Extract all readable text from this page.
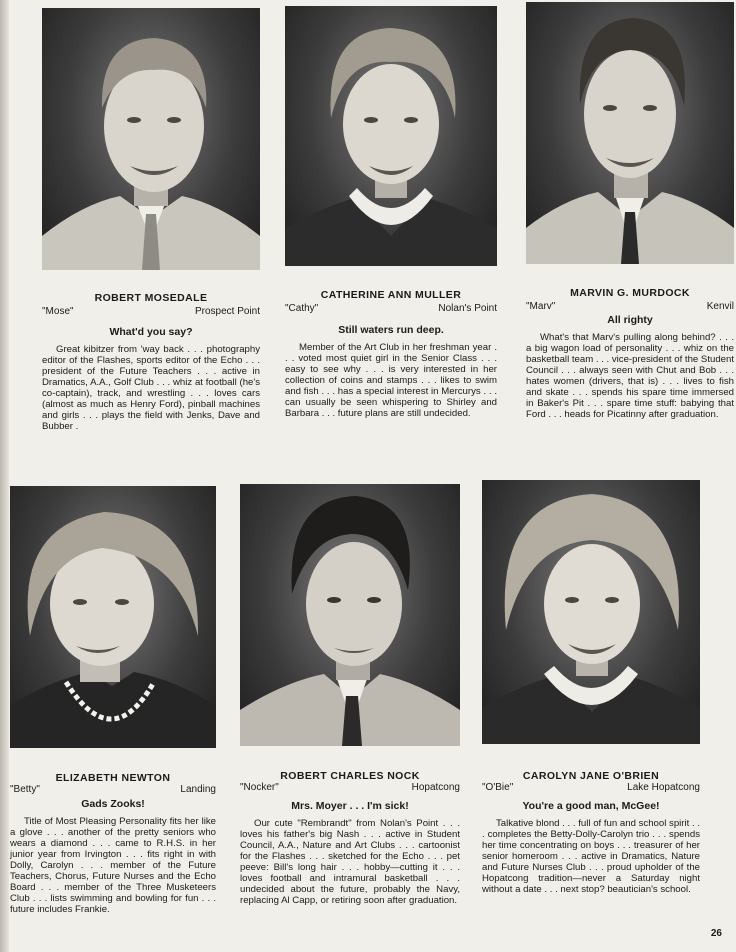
ROBERT MOSEDALE
"Mose"	Prospect Point
What'd you say?

Great kibitzer from 'way back . . . photography editor of the Flashes, sports editor of the Echo . . . president of the Future Teachers . . . active in Dramatics, A.A., Golf Club . . . whiz at football (he's co-captain), track, and wrestling . . . loves cars (almost as much as Henry Ford), pinball machines and girls . . . plays the field with Jenks, Dave and Bubber .

CATHERINE ANN MULLER
"Cathy"	Nolan's Point
Still waters run deep.

Member of the Art Club in her freshman year . . . voted most quiet girl in the Senior Class . . . easy to see why . . . is very interested in her collection of coins and stamps . . . likes to swim and fish . . . has a special interest in Mercurys . . . can usually be seen whispering to Shirley and Barbara . . . future plans are still undecided.

MARVIN G. MURDOCK
"Marv"	Kenvil
All righty

What's that Marv's pulling along behind? . . . a big wagon load of personality . . . whiz on the basketball team . . . vice-president of the Student Council . . . always seen with Chut and Bob . . . hates women (drivers, that is) . . . lives to fish and skate . . . spends his spare time immersed in Baker's Pit . . . spare time stuff: babying that Ford . . . heads for Picatinny after graduation.

ELIZABETH NEWTON
"Betty"	Landing
Gads Zooks!

Title of Most Pleasing Personality fits her like a glove . . . another of the pretty seniors who wears a diamond . . . came to R.H.S. in her junior year from Irvington . . . fits right in with Dolly, Carolyn . . . member of the Future Teachers, Chorus, Future Nurses and the Echo Board . . . member of the Three Musketeers Club . . . lists swimming and bowling for fun . . . future includes Frankie.

ROBERT CHARLES NOCK
"Nocker"	Hopatcong
Mrs. Moyer . . . I'm sick!

Our cute "Rembrandt" from Nolan's Point . . . loves his father's big Nash . . . active in Student Council, A.A., Nature and Art Clubs . . . cartoonist for the Flashes . . . sketched for the Echo . . . pet peeve: Bill's long hair . . . hobby—cutting it . . . loves football and intramural basketball . . . undecided about the future, probably the Navy, replacing Al Capp, or retiring soon after graduation.

CAROLYN JANE O'BRIEN
"O'Bie"	Lake Hopatcong
You're a good man, McGee!

Talkative blond . . . full of fun and school spirit . . . completes the Betty-Dolly-Carolyn trio . . . spends her time concentrating on boys . . . treasurer of her senior homeroom . . . active in Dramatics, Nature and Future Nurses Club . . . proud upholder of the Hopatcong tradition—never a Saturday night without a date . . . next stop? beautician's school.

26
